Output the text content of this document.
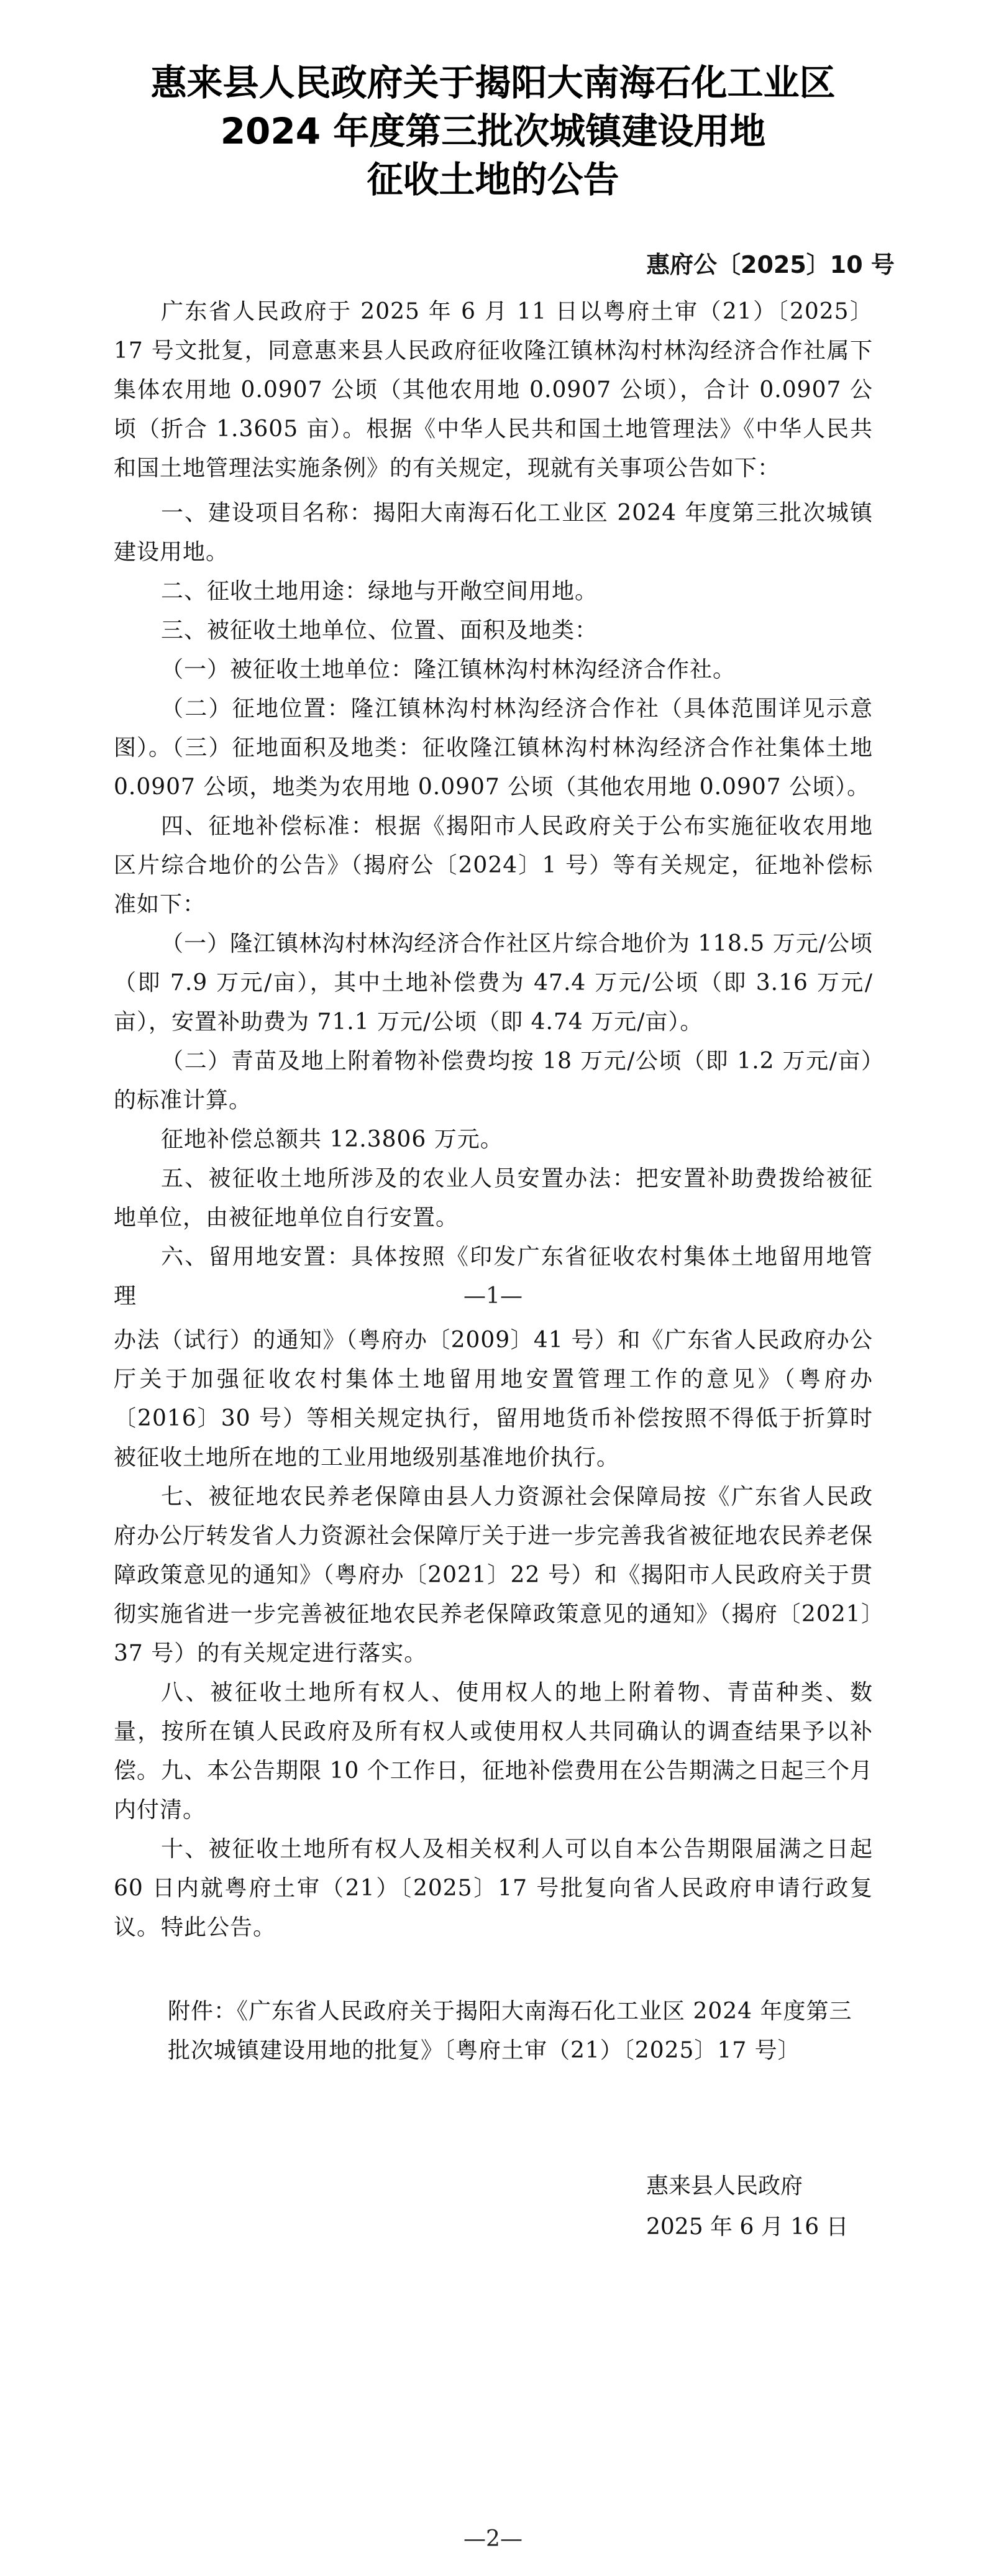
惠来县人民政府关于揭阳大南海石化工业区
2024 年度第三批次城镇建设用地
征收土地的公告
惠府公〔2025〕10 号
广东省人民政府于 2025 年 6 月 11 日以粤府土审（21）〔2025〕17 号文批复，同意惠来县人民政府征收隆江镇林沟村林沟经济合作社属下集体农用地 0.0907 公顷（其他农用地 0.0907 公顷），合计 0.0907 公顷（折合 1.3605 亩）。根据《中华人民共和国土地管理法》《中华人民共和国土地管理法实施条例》的有关规定，现就有关事项公告如下：
一、建设项目名称：揭阳大南海石化工业区 2024 年度第三批次城镇建设用地。
二、征收土地用途：绿地与开敞空间用地。
三、被征收土地单位、位置、面积及地类：
（一）被征收土地单位：隆江镇林沟村林沟经济合作社。
（二）征地位置：隆江镇林沟村林沟经济合作社（具体范围详见示意图）。
（三）征地面积及地类：征收隆江镇林沟村林沟经济合作社集体土地 0.0907 公顷，地类为农用地 0.0907 公顷（其他农用地 0.0907 公顷）。
四、征地补偿标准：根据《揭阳市人民政府关于公布实施征收农用地区片综合地价的公告》（揭府公〔2024〕1 号）等有关规定，征地补偿标准如下：
（一）隆江镇林沟村林沟经济合作社区片综合地价为 118.5 万元/公顷（即 7.9 万元/亩），其中土地补偿费为 47.4 万元/公顷（即 3.16 万元/亩），安置补助费为 71.1 万元/公顷（即 4.74 万元/亩）。
（二）青苗及地上附着物补偿费均按 18 万元/公顷（即 1.2 万元/亩）的标准计算。
征地补偿总额共 12.3806 万元。
五、被征收土地所涉及的农业人员安置办法：把安置补助费拨给被征地单位，由被征地单位自行安置。
六、留用地安置：具体按照《印发广东省征收农村集体土地留用地管理	—1—
办法（试行）的通知》（粤府办〔2009〕41 号）和《广东省人民政府办公厅关于加强征收农村集体土地留用地安置管理工作的意见》（粤府办〔2016〕30 号）等相关规定执行，留用地货币补偿按照不得低于折算时被征收土地所在地的工业用地级别基准地价执行。
七、被征地农民养老保障由县人力资源社会保障局按《广东省人民政府办公厅转发省人力资源社会保障厅关于进一步完善我省被征地农民养老保障政策意见的通知》（粤府办〔2021〕22 号）和《揭阳市人民政府关于贯彻实施省进一步完善被征地农民养老保障政策意见的通知》（揭府〔2021〕37 号）的有关规定进行落实。
八、被征收土地所有权人、使用权人的地上附着物、青苗种类、数量，按所在镇人民政府及所有权人或使用权人共同确认的调查结果予以补偿。 九、本公告期限 10 个工作日，征地补偿费用在公告期满之日起三个月内付清。
十、被征收土地所有权人及相关权利人可以自本公告期限届满之日起 60 日内就粤府土审（21）〔2025〕17 号批复向省人民政府申请行政复议。 特此公告。
附件：《广东省人民政府关于揭阳大南海石化工业区 2024 年度第三批次城镇建设用地的批复》〔粤府土审（21）〔2025〕17 号〕
惠来县人民政府
2025 年 6 月 16 日
—2—
